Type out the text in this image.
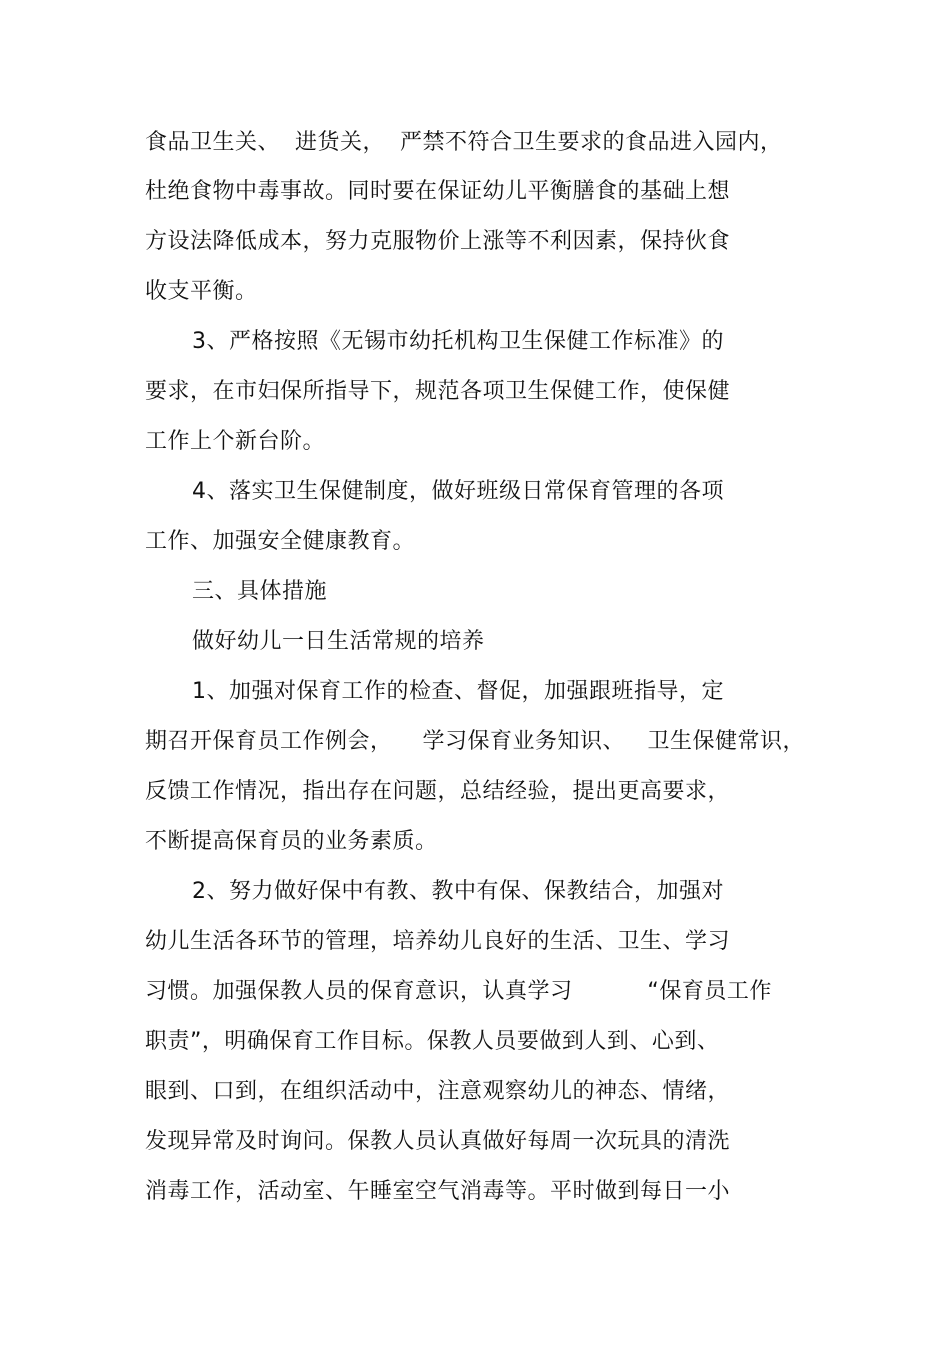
食品卫生关、  进货关，  严禁不符合卫生要求的食品进入园内，
杜绝食物中毒事故。同时要在保证幼儿平衡膳食的基础上想
方设法降低成本，努力克服物价上涨等不利因素，保持伙食
收支平衡。
3、严格按照《无锡市幼托机构卫生保健工作标准》的
要求，在市妇保所指导下，规范各项卫生保健工作，使保健
工作上个新台阶。
4、落实卫生保健制度，做好班级日常保育管理的各项
工作、加强安全健康教育。
三、具体措施
做好幼儿一日生活常规的培养
1、加强对保育工作的检查、督促，加强跟班指导，定
期召开保育员工作例会，    学习保育业务知识、   卫生保健常识，
反馈工作情况，指出存在问题，总结经验，提出更高要求，
不断提高保育员的业务素质。
2、努力做好保中有教、教中有保、保教结合，加强对
幼儿生活各环节的管理，培养幼儿良好的生活、卫生、学习
习惯。加强保教人员的保育意识，认真学习          “保育员工作
职责”，明确保育工作目标。保教人员要做到人到、心到、
眼到、口到，在组织活动中，注意观察幼儿的神态、情绪，
发现异常及时询问。保教人员认真做好每周一次玩具的清洗
消毒工作，活动室、午睡室空气消毒等。平时做到每日一小
